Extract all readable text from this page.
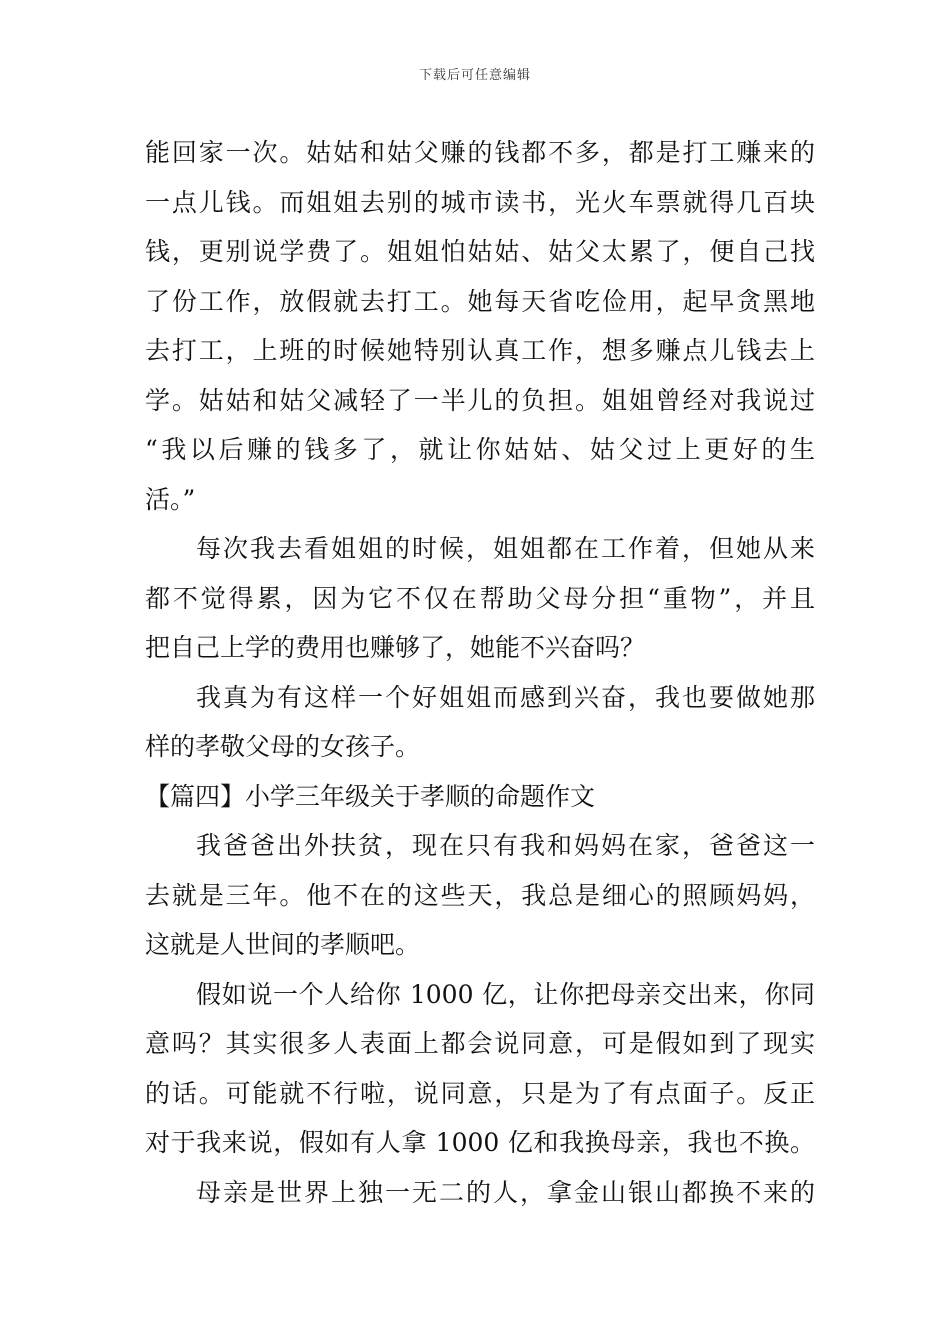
下载后可任意编辑
能回家一次。姑姑和姑父赚的钱都不多，都是打工赚来的
一点儿钱。而姐姐去别的城市读书，光火车票就得几百块
钱，更别说学费了。姐姐怕姑姑、姑父太累了，便自己找
了份工作，放假就去打工。她每天省吃俭用，起早贪黑地
去打工，上班的时候她特别认真工作，想多赚点儿钱去上
学。姑姑和姑父减轻了一半儿的负担。姐姐曾经对我说过
“我以后赚的钱多了，就让你姑姑、姑父过上更好的生
活。”
每次我去看姐姐的时候，姐姐都在工作着，但她从来
都不觉得累，因为它不仅在帮助父母分担“重物”，并且
把自己上学的费用也赚够了，她能不兴奋吗？
我真为有这样一个好姐姐而感到兴奋，我也要做她那
样的孝敬父母的女孩子。
【篇四】小学三年级关于孝顺的命题作文
我爸爸出外扶贫，现在只有我和妈妈在家，爸爸这一
去就是三年。他不在的这些天，我总是细心的照顾妈妈，
这就是人世间的孝顺吧。
假如说一个人给你 1000 亿，让你把母亲交出来，你同
意吗？其实很多人表面上都会说同意，可是假如到了现实
的话。可能就不行啦，说同意，只是为了有点面子。反正
对于我来说，假如有人拿 1000 亿和我换母亲，我也不换。
母亲是世界上独一无二的人，拿金山银山都换不来的
